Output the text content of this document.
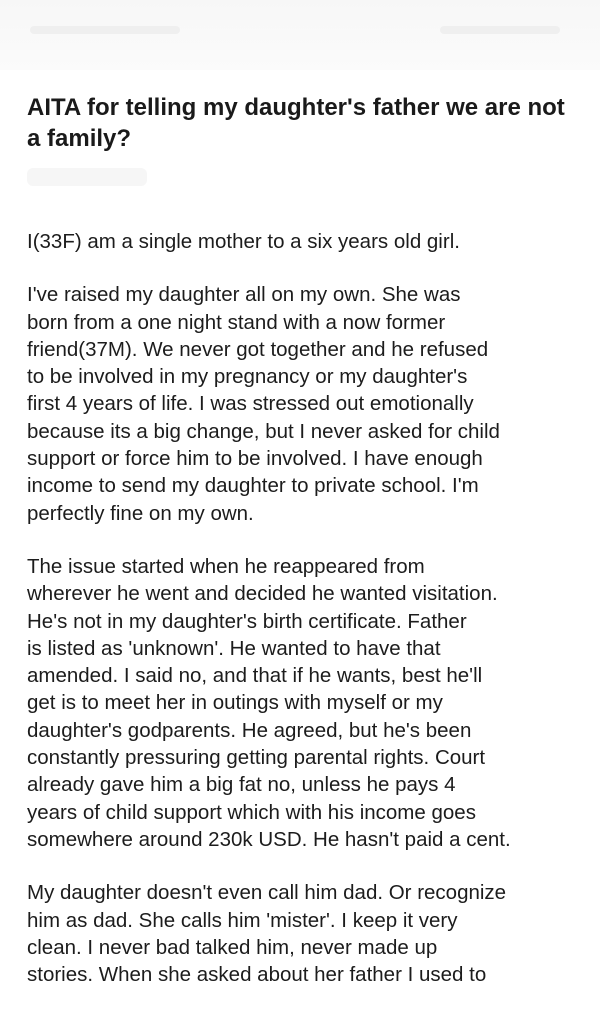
AITA for telling my daughter's father we are not a family?

I(33F) am a single mother to a six years old girl.

I've raised my daughter all on my own. She was
born from a one night stand with a now former
friend(37M). We never got together and he refused
to be involved in my pregnancy or my daughter's
first 4 years of life. I was stressed out emotionally
because its a big change, but I never asked for child
support or force him to be involved. I have enough
income to send my daughter to private school. I'm
perfectly fine on my own.

The issue started when he reappeared from
wherever he went and decided he wanted visitation.
He's not in my daughter's birth certificate. Father
is listed as 'unknown'. He wanted to have that
amended. I said no, and that if he wants, best he'll
get is to meet her in outings with myself or my
daughter's godparents. He agreed, but he's been
constantly pressuring getting parental rights. Court
already gave him a big fat no, unless he pays 4
years of child support which with his income goes
somewhere around 230k USD. He hasn't paid a cent.

My daughter doesn't even call him dad. Or recognize
him as dad. She calls him 'mister'. I keep it very
clean. I never bad talked him, never made up
stories. When she asked about her father I used to
